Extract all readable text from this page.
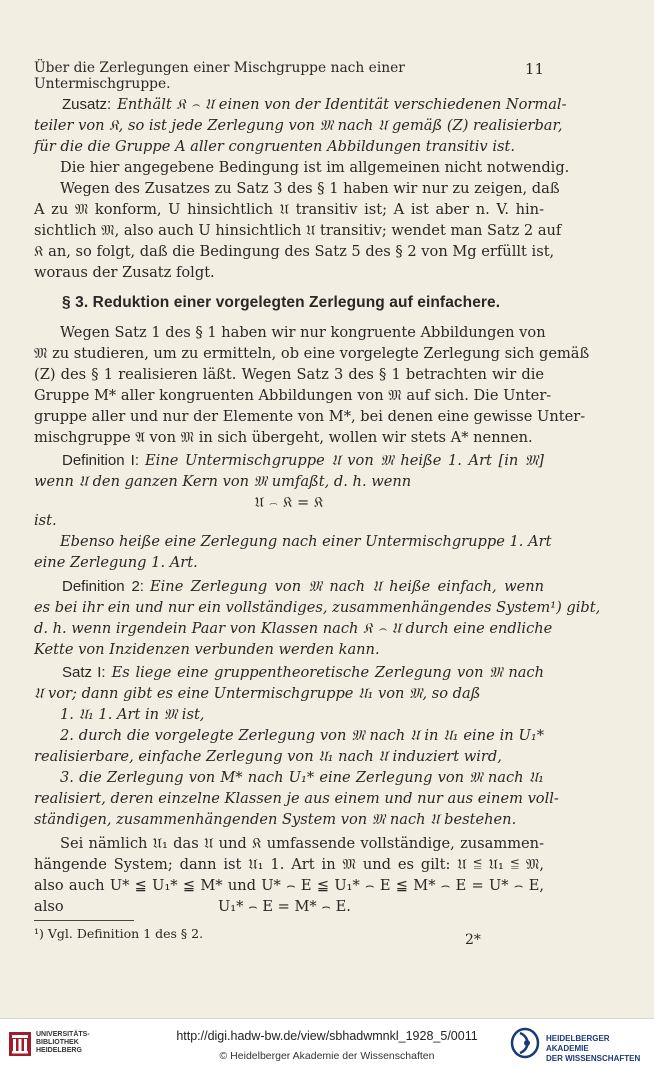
Über die Zerlegungen einer Mischgruppe nach einer Untermischgruppe.
11
Zusatz: Enthält 𝔎 ⌢ 𝔘 einen von der Identität verschiedenen Normal-
teiler von 𝔎, so ist jede Zerlegung von 𝔐 nach 𝔘 gemäß (Z) realisierbar,
für die die Gruppe A aller congruenten Abbildungen transitiv ist.
Die hier angegebene Bedingung ist im allgemeinen nicht notwendig.
Wegen des Zusatzes zu Satz 3 des § 1 haben wir nur zu zeigen, daß
A zu 𝔐 konform, U hinsichtlich 𝔘 transitiv ist; A ist aber n. V. hin-
sichtlich 𝔐, also auch U hinsichtlich 𝔘 transitiv; wendet man Satz 2 auf
𝔎 an, so folgt, daß die Bedingung des Satz 5 des § 2 von Mg erfüllt ist,
woraus der Zusatz folgt.
§ 3. Reduktion einer vorgelegten Zerlegung auf einfachere.
Wegen Satz 1 des § 1 haben wir nur kongruente Abbildungen von
𝔐 zu studieren, um zu ermitteln, ob eine vorgelegte Zerlegung sich gemäß
(Z) des § 1 realisieren läßt. Wegen Satz 3 des § 1 betrachten wir die
Gruppe M* aller kongruenten Abbildungen von 𝔐 auf sich. Die Unter-
gruppe aller und nur der Elemente von M*, bei denen eine gewisse Unter-
mischgruppe 𝔄 von 𝔐 in sich übergeht, wollen wir stets A* nennen.
Definition I: Eine Untermischgruppe 𝔘 von 𝔐 heiße 1. Art [in 𝔐]
wenn 𝔘 den ganzen Kern von 𝔐 umfaßt, d. h. wenn
𝔘 ⌢ 𝔎 = 𝔎
ist.
Ebenso heiße eine Zerlegung nach einer Untermischgruppe 1. Art
eine Zerlegung 1. Art.
Definition 2: Eine Zerlegung von 𝔐 nach 𝔘 heiße einfach, wenn
es bei ihr ein und nur ein vollständiges, zusammenhängendes System¹) gibt,
d. h. wenn irgendein Paar von Klassen nach 𝔎 ⌢ 𝔘 durch eine endliche
Kette von Inzidenzen verbunden werden kann.
Satz I: Es liege eine gruppentheoretische Zerlegung von 𝔐 nach
𝔘 vor; dann gibt es eine Untermischgruppe 𝔘₁ von 𝔐, so daß
1. 𝔘₁ 1. Art in 𝔐 ist,
2. durch die vorgelegte Zerlegung von 𝔐 nach 𝔘 in 𝔘₁ eine in U₁*
realisierbare, einfache Zerlegung von 𝔘₁ nach 𝔘 induziert wird,
3. die Zerlegung von M* nach U₁* eine Zerlegung von 𝔐 nach 𝔘₁
realisiert, deren einzelne Klassen je aus einem und nur aus einem voll-
ständigen, zusammenhängenden System von 𝔐 nach 𝔘 bestehen.
Sei nämlich 𝔘₁ das 𝔘 und 𝔎 umfassende vollständige, zusammen-
hängende System; dann ist 𝔘₁ 1. Art in 𝔐 und es gilt: 𝔘 ≦ 𝔘₁ ≦ 𝔐,
also auch U* ≦ U₁* ≦ M* und U* ⌢ E ≦ U₁* ⌢ E ≦ M* ⌢ E = U* ⌢ E,
also	U₁* ⌢ E = M* ⌢ E.
¹) Vgl. Definition 1 des § 2.	2*
UNIVERSITÄTS-
BIBLIOTHEK
HEIDELBERG
http://digi.hadw-bw.de/view/sbhadwmnkl_1928_5/0011
© Heidelberger Akademie der Wissenschaften
HEIDELBERGER AKADEMIE
DER WISSENSCHAFTEN
